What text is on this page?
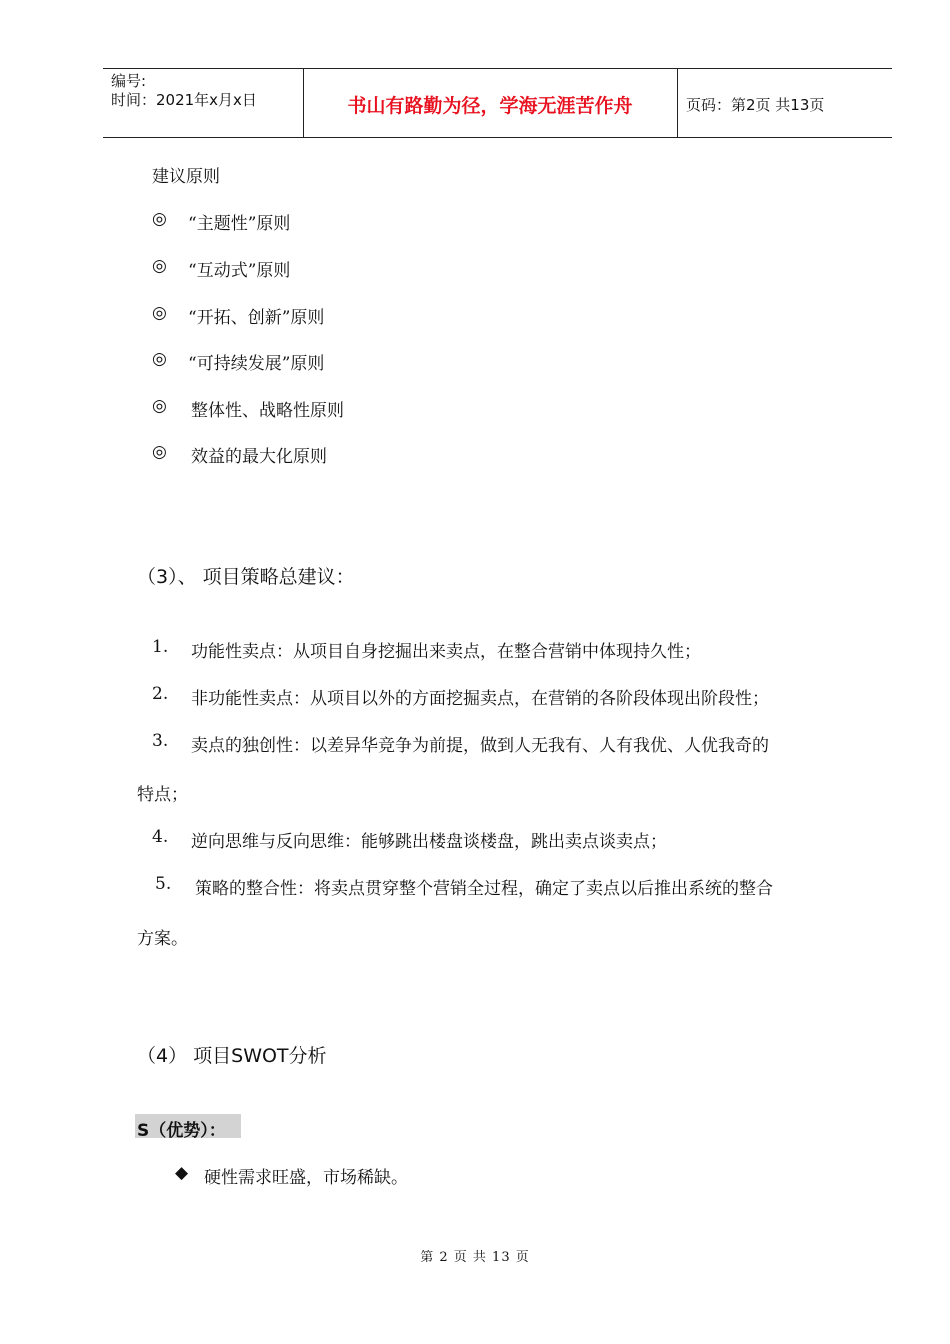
编号:
时间：2021年x月x日	书山有路勤为径，学海无涯苦作舟	页码：第2页 共13页
建议原则
◎ “主题性”原则
◎ “互动式”原则
◎ “开拓、创新”原则
◎ “可持续发展”原则
◎ 整体性、战略性原则
◎ 效益的最大化原则
（3）、 项目策略总建议：
1. 功能性卖点：从项目自身挖掘出来卖点，在整合营销中体现持久性；
2. 非功能性卖点：从项目以外的方面挖掘卖点，在营销的各阶段体现出阶段性；
3. 卖点的独创性：以差异华竞争为前提，做到人无我有、人有我优、人优我奇的
特点；
4. 逆向思维与反向思维：能够跳出楼盘谈楼盘，跳出卖点谈卖点；
5. 策略的整合性：将卖点贯穿整个营销全过程，确定了卖点以后推出系统的整合
方案。
（4） 项目SWOT分析
S（优势）：
◆ 硬性需求旺盛，市场稀缺。
第 2 页 共 13 页
